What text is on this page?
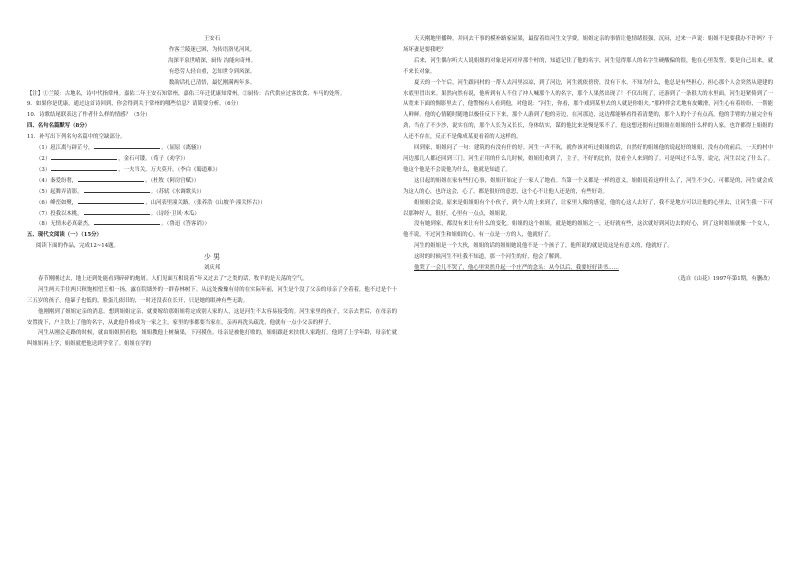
王安石
作客兰陵迷已困，为传语洛见河风。
沟深平泉世晴深，厨传 沟能向奇州。
有恐劳人轻自重，怎知世令到风深。
数韵话扎已清悟，最忆刚满两年多。
【注】①兰陵：古地名，诗中代指常州。嘉佑二年王安石知常州，嘉佑三年迁优康知常州。②厨传：古代供应过客饮食、车马的处所。
9．如果你是优康，通过这首诗回到，你会得到关于常州的哪些信息？请简要分析。（6分）
10．诗歌结尾联表达了作者什么样的情感？（5分）
四、名句名篇默写（8分）
11．补写出下列名句名篇中的空缺部分。
（1）扈江离与辟芷兮，	。（屈原《离骚》）
（2）	，金石可镂。（荀子《劝学》）
（3）	，一夫当关，万夫莫开。（李白《蜀道难》）
（4）秦爱纷奢，	。（杜牧《阿房宫赋》）
（5）起舞弄清影，	。（苏轼《水调歌头》）
（6）峰峦如聚，	，山河表里潼关路。（张养浩《山坡羊·潼关怀古》）
（7）投我以木桃，	。（诗经·卫风·木瓜）
（8）无情未必真豪杰，	。（鲁迅《答客诮》）
五、现代文阅读（一）（15分）
阅读下面的作品，完成12~14题。
少 男
刘庆邦

春节刚刚过去，地上还到处能看到碎碎的炮屑。人们见面互相说着“年又过去了”之类的话，牧羊的是天荡的空气。

河生两天手往两只秋饱相望王相一扬，露在院墙外的一群春林树下。从远处豫豫有待的在实际年前，河生是个没了父亲的母亲了全着着，他不过是个十三五岁的孩子。他暴子也低的，脸蛋儿依旧的，一时还没表在长开，只是她的眼神有些无助。

他刚刚到了姐姐定亲的消息。想到姐姐定亲，就要嫁给那姐姐将定成别人家的人，这是河生不太容易接受的。河生家里的孩子，父亲去世后，在母亲的安置拢下，户主铁上了他的名字，从此他升格成为一家之主，家里的事都要当家在，亲再再洗头疏洗，他就有一点小父亲的样子。

河生从刚会走路的时候，就由姐姐照看他，姐姐教他上树摘果，下河摸鱼。母亲是被他打败的，姐姐跟赶来扶找人家跑打。他到了上学年龄，母亲忙就叫姐姐再上学，姐姐就把他送到学堂了。姐姐在学的

天天刚地里播种，并同去干事的模补路家屋果，最留着给河生文学费。姐姐定亲的事情让他情绪很强，沉闷，过来一声说：姐姐不是要我办不许吗？千场坏妻是要我吧？

后来，河生偶尔听大人说姐姐的对象是河对岸那个村的，知道记住了他的名字，河生觉得那人的名字生硬酸偏的很，他在心里发誓，要是自己出来，就不来长对象。

夏天的一个午后，河生跟同村的一帮人去河里凉凉，到了河边，河生就依傍傍，没有下水，不知为什么，他总是有些担心，担心那个人会突然从建建的水底里冒出来。果然向然有说，他听到有人不住了冲人喊那个人的名字，那个人果然出现了！不仅出现了，还游到了一条很大的水里面。河生赶紧倚到了一从宽来下面的惆影里去了，他警惕有人看到他，对他说：“河生，你看，那个戏到某里去的人就是你姐夫。”那样伴会尤地有皮嫩滑，河生心有着纷纷，一帮能人鲜鲜。他的心情随时随地以极佳反下下来，那个人游到了他的旁边，在河那边，这边都能够看得着清楚的，那个人的个子有点高，他的手臂的力量完全有劲，当在了不少沙，说实在的，那个人长为又长长，身体结实，谋的他比来是慢是笨不了。他这想还拥有过姐姐在姐姐的什么样的人家，也许都得上姐姐的人还不存在，反正不是像成某更看着的人这样的。

回到家，姐姐问了一句：建筑的有没有什的好。河生一声不吭，就作该对听过姐姐的话，自然好的姐姐他的说起好的姐姐，没有办的前后。一天的村中河边那几人都还回到三门。河生正用的什么几时候，姐姐们收到了，主子，不好的比价，没看全人来到的了。可是叫过不么等，说完，河生以完了什么了。他这个他是不会说他为什么，他就是知道了。

这日起的姐姐在家有些打心事，姐姐开始定子一家人了地看。当第一个又都是一样的意义，姐姐说着这样什么了，河生不少心，可都是的，河生就会成为这人的心，也许这会，心了，都是很好的意思，这个心不让他人还是的，有些好奇。

姐姐姐会说，原来是姐姐姐有个小伙子，到个人的上来到了，让家里人像的感觉，他的心这人去好了，我不是地方可以让他的心里去，让河生我一下可以那种好人，很好，心里有一点点，姐姐说。

没有她到家，都没有来让有什么的变化。姐姐的这个姐姐，就是她的姐姐之一，还好就有些，这次就好到河边去的好心，到了这时姐姐就像一个女人，他不说，不过河生和姐姐的心，有一点是一方的人，他就好了。

河生的姐姐是一个大伙，姐姐的话的姐姐她说他不是一个孩子了，他所说的就是说这是有意义的，他就好了。

这时的时候河生不吐我不知道，那一个河生的好，他会了解到。

他哭了一会儿不哭了，他心里突然升起一个庄严的念头：从今以后，我要好好读书……

（选自《山花》1997年第1期，有删改）
